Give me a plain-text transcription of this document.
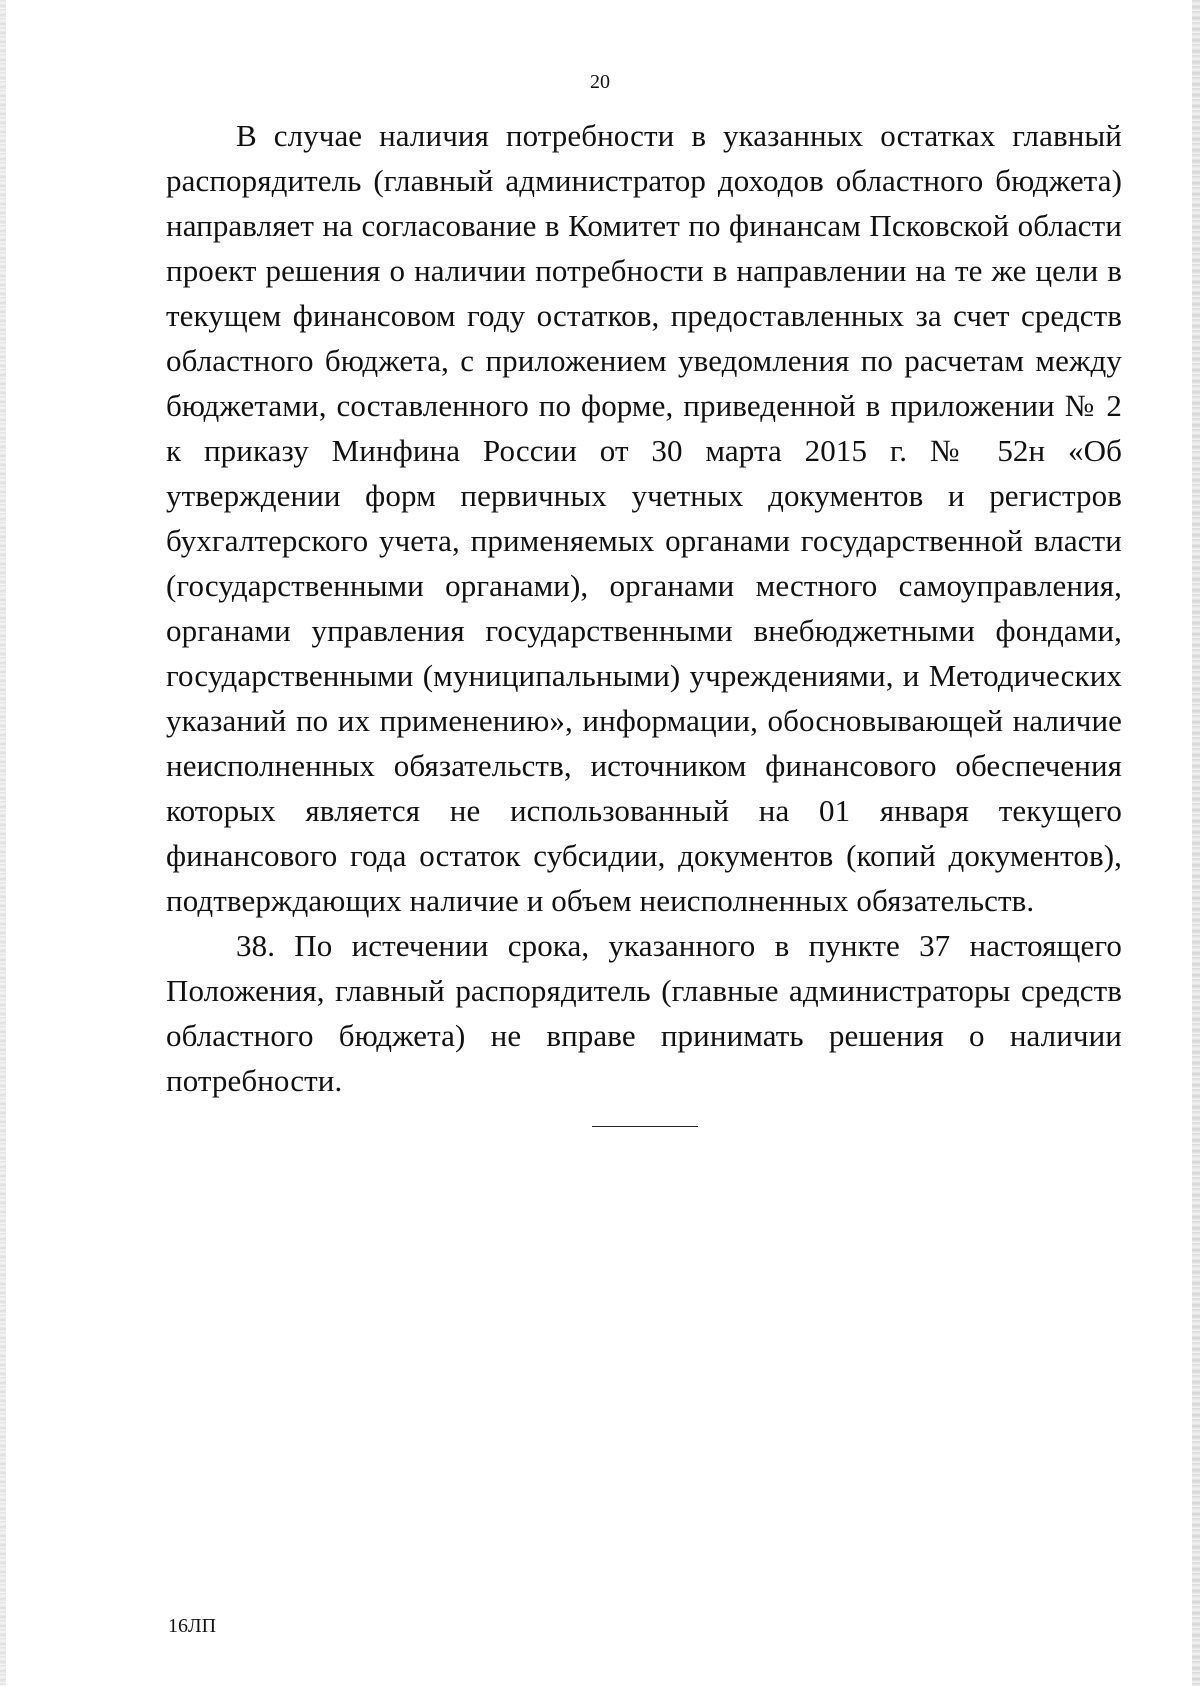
20

В случае наличия потребности в указанных остатках главный распорядитель (главный администратор доходов областного бюджета) направляет на согласование в Комитет по финансам Псковской области проект решения о наличии потребности в направлении на те же цели в текущем финансовом году остатков, предоставленных за счет средств областного бюджета, с приложением уведомления по расчетам между бюджетами, составленного по форме, приведенной в приложении № 2 к приказу Минфина России от 30 марта 2015 г. № 52н «Об утверждении форм первичных учетных документов и регистров бухгалтерского учета, применяемых органами государственной власти (государственными органами), органами местного самоуправления, органами управления государственными внебюджетными фондами, государственными (муниципальными) учреждениями, и Методических указаний по их применению», информации, обосновывающей наличие неисполненных обязательств, источником финансового обеспечения которых является не использованный на 01 января текущего финансового года остаток субсидии, документов (копий документов), подтверждающих наличие и объем неисполненных обязательств.

38. По истечении срока, указанного в пункте 37 настоящего Положения, главный распорядитель (главные администраторы средств областного бюджета) не вправе принимать решения о наличии потребности.

16ЛП
